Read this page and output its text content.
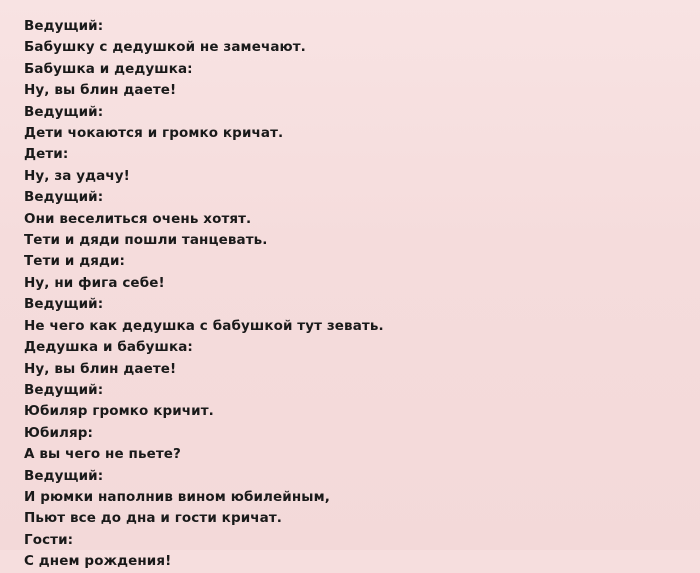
Ведущий:
Бабушку с дедушкой не замечают.
Бабушка и дедушка:
Ну, вы блин даете!
Ведущий:
Дети чокаются и громко кричат.
Дети:
Ну, за удачу!
Ведущий:
Они веселиться очень хотят.
Тети и дяди пошли танцевать.
Тети и дяди:
Ну, ни фига себе!
Ведущий:
Не чего как дедушка с бабушкой тут зевать.
Дедушка и бабушка:
Ну, вы блин даете!
Ведущий:
Юбиляр громко кричит.
Юбиляр:
А вы чего не пьете?
Ведущий:
И рюмки наполнив вином юбилейным,
Пьют все до дна и гости кричат.
Гости:
С днем рождения!
